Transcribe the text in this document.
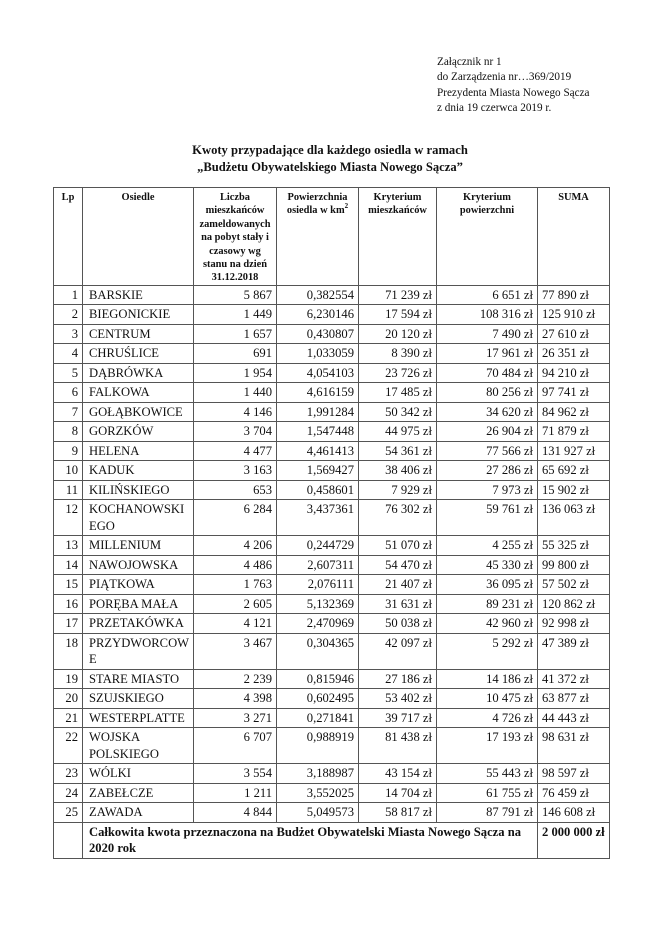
Załącznik nr 1
do Zarządzenia nr…369/2019
Prezydenta Miasta Nowego Sącza
z dnia 19 czerwca 2019 r.
Kwoty przypadające dla każdego osiedla w ramach
„Budżetu Obywatelskiego Miasta Nowego Sącza”
Lp	Osiedle	Liczba mieszkańców zameldowanych na pobyt stały i czasowy wg stanu na dzień 31.12.2018	Powierzchnia osiedla w $km^2$	Kryterium mieszkańców	Kryterium powierzchni	SUMA
1	BARSKIE	5 867	0,382554	71 239 zł	6 651 zł	77 890 zł
2	BIEGONICKIE	1 449	6,230146	17 594 zł	108 316 zł	125 910 zł
3	CENTRUM	1 657	0,430807	20 120 zł	7 490 zł	27 610 zł
4	CHRUŚLICE	691	1,033059	8 390 zł	17 961 zł	26 351 zł
5	DĄBRÓWKA	1 954	4,054103	23 726 zł	70 484 zł	94 210 zł
6	FALKOWA	1 440	4,616159	17 485 zł	80 256 zł	97 741 zł
7	GOŁĄBKOWICE	4 146	1,991284	50 342 zł	34 620 zł	84 962 zł
8	GORZKÓW	3 704	1,547448	44 975 zł	26 904 zł	71 879 zł
9	HELENA	4 477	4,461413	54 361 zł	77 566 zł	131 927 zł
10	KADUK	3 163	1,569427	38 406 zł	27 286 zł	65 692 zł
11	KILIŃSKIEGO	653	0,458601	7 929 zł	7 973 zł	15 902 zł
12	KOCHANOWSKI EGO	6 284	3,437361	76 302 zł	59 761 zł	136 063 zł
13	MILLENIUM	4 206	0,244729	51 070 zł	4 255 zł	55 325 zł
14	NAWOJOWSKA	4 486	2,607311	54 470 zł	45 330 zł	99 800 zł
15	PIĄTKOWA	1 763	2,076111	21 407 zł	36 095 zł	57 502 zł
16	PORĘBA MAŁA	2 605	5,132369	31 631 zł	89 231 zł	120 862 zł
17	PRZETAKÓWKA	4 121	2,470969	50 038 zł	42 960 zł	92 998 zł
18	PRZYDWORCOW E	3 467	0,304365	42 097 zł	5 292 zł	47 389 zł
19	STARE MIASTO	2 239	0,815946	27 186 zł	14 186 zł	41 372 zł
20	SZUJSKIEGO	4 398	0,602495	53 402 zł	10 475 zł	63 877 zł
21	WESTERPLATTE	3 271	0,271841	39 717 zł	4 726 zł	44 443 zł
22	WOJSKA POLSKIEGO	6 707	0,988919	81 438 zł	17 193 zł	98 631 zł
23	WÓLKI	3 554	3,188987	43 154 zł	55 443 zł	98 597 zł
24	ZABEŁCZE	1 211	3,552025	14 704 zł	61 755 zł	76 459 zł
25	ZAWADA	4 844	5,049573	58 817 zł	87 791 zł	146 608 zł
	Całkowita kwota przeznaczona na Budżet Obywatelski Miasta Nowego Sącza na 2020 rok					2 000 000 zł
